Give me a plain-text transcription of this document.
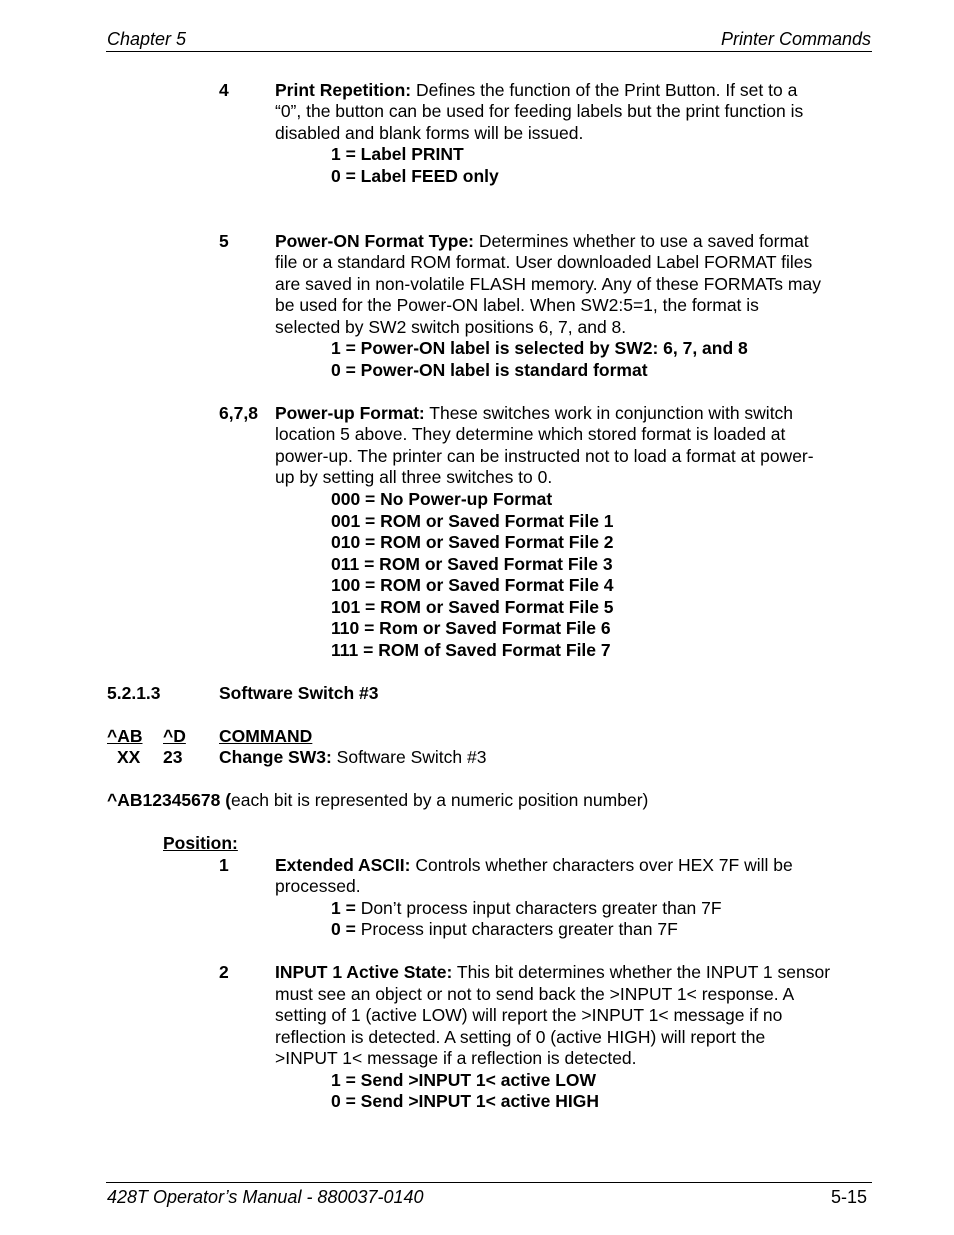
Chapter 5	Printer Commands
4	Print Repetition: Defines the function of the Print Button. If set to a
“0”, the button can be used for feeding labels but the print function is
disabled and blank forms will be issued.
1 = Label PRINT
0 = Label FEED only
5	Power-ON Format Type: Determines whether to use a saved format
file or a standard ROM format. User downloaded Label FORMAT files
are saved in non-volatile FLASH memory. Any of these FORMATs may
be used for the Power-ON label. When SW2:5=1, the format is
selected by SW2 switch positions 6, 7, and 8.
1 = Power-ON label is selected by SW2: 6, 7, and 8
0 = Power-ON label is standard format
6,7,8 Power-up Format: These switches work in conjunction with switch
location 5 above. They determine which stored format is loaded at
power-up. The printer can be instructed not to load a format at power-
up by setting all three switches to 0.
000 = No Power-up Format
001 = ROM or Saved Format File 1
010 = ROM or Saved Format File 2
011 = ROM or Saved Format File 3
100 = ROM or Saved Format File 4
101 = ROM or Saved Format File 5
110 = Rom or Saved Format File 6
111 = ROM of Saved Format File 7
5.2.1.3	Software Switch #3
^AB ^D COMMAND
XX 23 Change SW3: Software Switch #3
^AB12345678 (each bit is represented by a numeric position number)
Position:
1	Extended ASCII: Controls whether characters over HEX 7F will be
processed.
1 = Don’t process input characters greater than 7F
0 = Process input characters greater than 7F
2	INPUT 1 Active State: This bit determines whether the INPUT 1 sensor
must see an object or not to send back the >INPUT 1< response. A
setting of 1 (active LOW) will report the >INPUT 1< message if no
reflection is detected. A setting of 0 (active HIGH) will report the
>INPUT 1< message if a reflection is detected.
1 = Send >INPUT 1< active LOW
0 = Send >INPUT 1< active HIGH
428T Operator’s Manual - 880037-0140	5-15
